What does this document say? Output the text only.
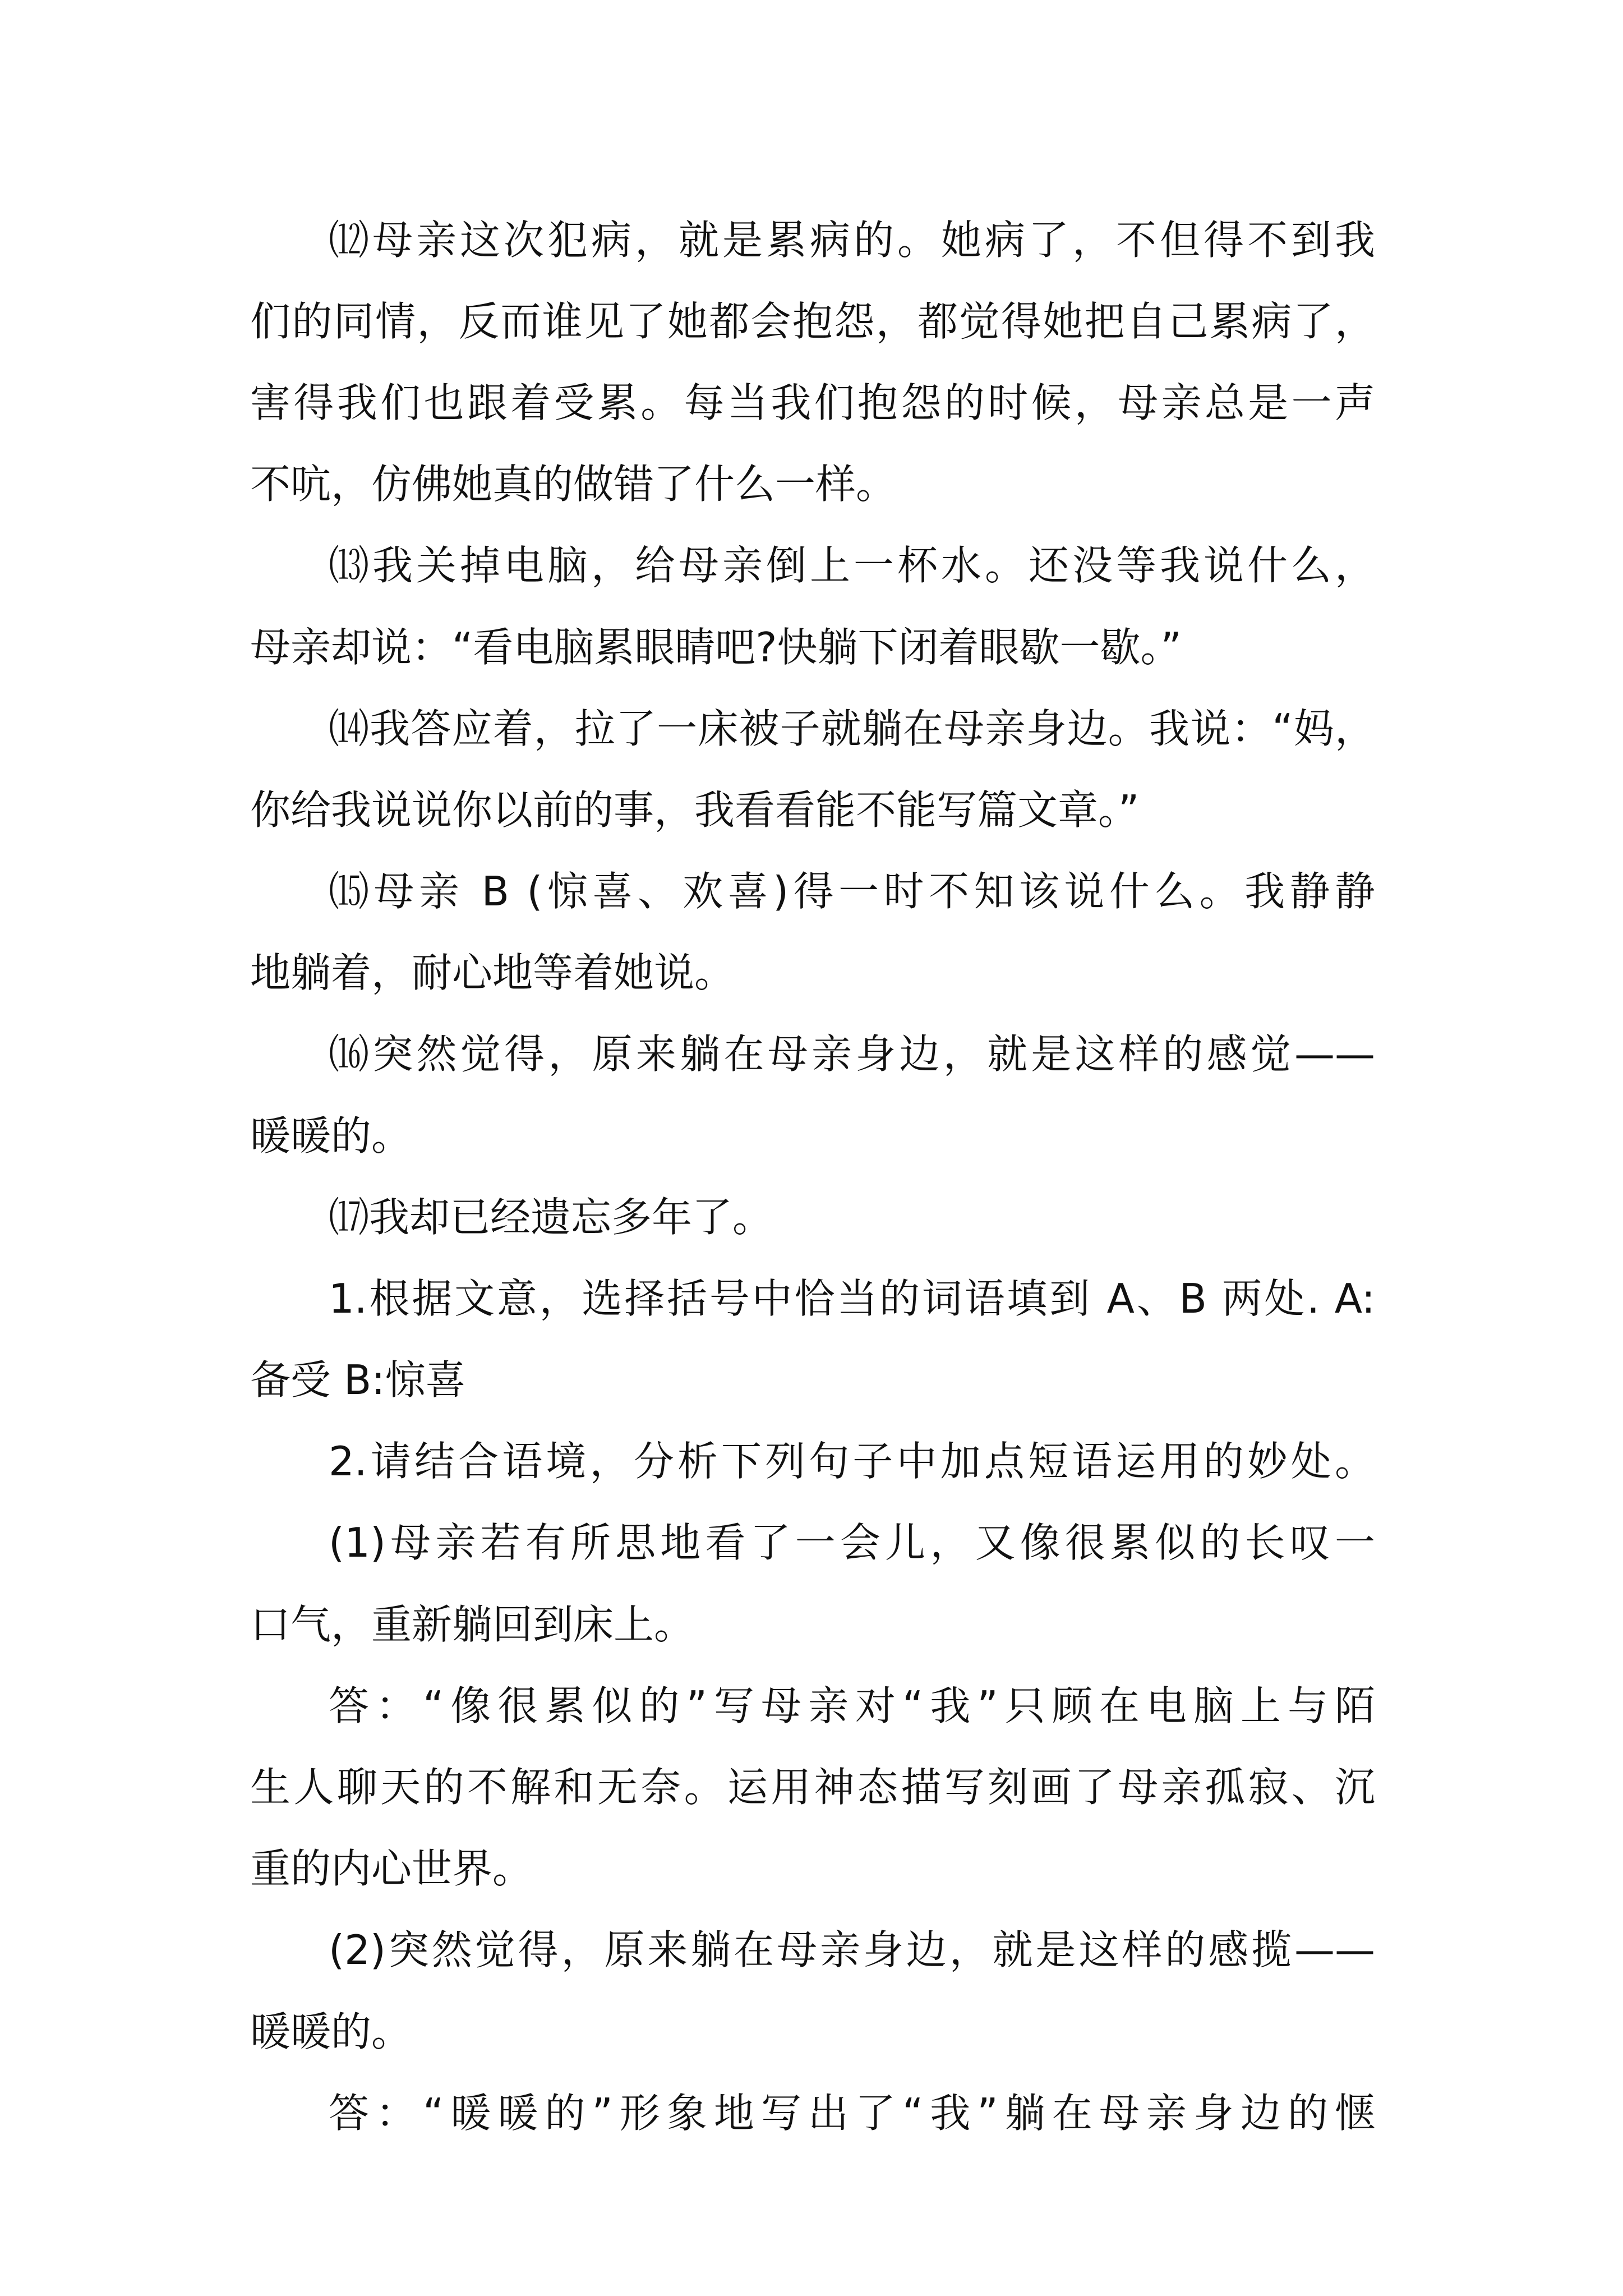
⑿母亲这次犯病，就是累病的。她病了，不但得不到我
们的同情，反而谁见了她都会抱怨，都觉得她把自己累病了，
害得我们也跟着受累。每当我们抱怨的时候，母亲总是一声
不吭，仿佛她真的做错了什么一样。
⒀我关掉电脑，给母亲倒上一杯水。还没等我说什么，
母亲却说：“看电脑累眼睛吧?快躺下闭着眼歇一歇。”
⒁我答应着，拉了一床被子就躺在母亲身边。我说：“妈，
你给我说说你以前的事，我看看能不能写篇文章。”
⒂母亲 B (惊喜、欢喜)得一时不知该说什么。我静静
地躺着，耐心地等着她说。
⒃突然觉得，原来躺在母亲身边，就是这样的感觉——
暖暖的。
⒄我却已经遗忘多年了。
1.根据文意，选择括号中恰当的词语填到 A、B 两处. A:
备受 B:惊喜
2.请结合语境，分析下列句子中加点短语运用的妙处。
(1)母亲若有所思地看了一会儿，又像很累似的长叹一
口气，重新躺回到床上。
答：“像很累似的”写母亲对“我”只顾在电脑上与陌
生人聊天的不解和无奈。运用神态描写刻画了母亲孤寂、沉
重的内心世界。
(2)突然觉得，原来躺在母亲身边，就是这样的感揽——
暖暖的。
答：“暖暖的”形象地写出了“我”躺在母亲身边的惬
